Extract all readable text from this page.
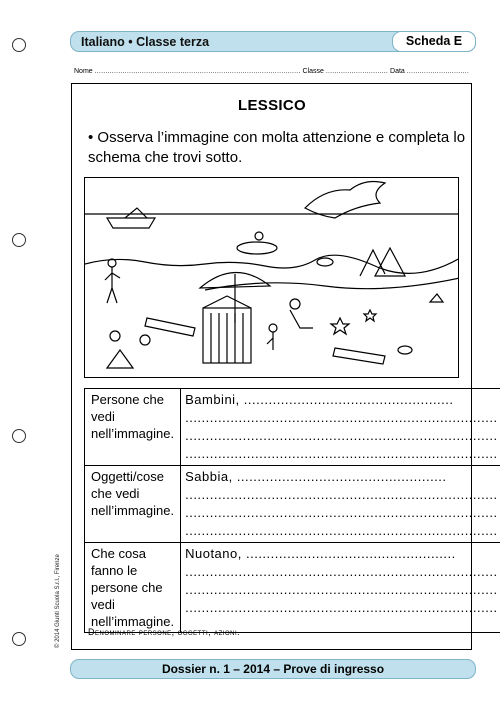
Italiano • Classe terza	Scheda E
Nome ................................................................................................ Classe ............................. Data .............................
LESSICO
• Osserva l’immagine con molta attenzione e completa lo schema che trovi sotto.
Persone che vedi nell’immagine.	Bambini, ...................................................
............................................................................
............................................................................
............................................................................

Oggetti/cose che vedi nell’immagine.	Sabbia, ...................................................
............................................................................
............................................................................
............................................................................

Che cosa fanno le persone che vedi nell’immagine.	Nuotano, ...................................................
............................................................................
............................................................................
............................................................................
Denominare persone, oggetti, azioni.
Dossier n. 1 – 2014 – Prove di ingresso
© 2014 Giunti Scuola S.r.l., Firenze
